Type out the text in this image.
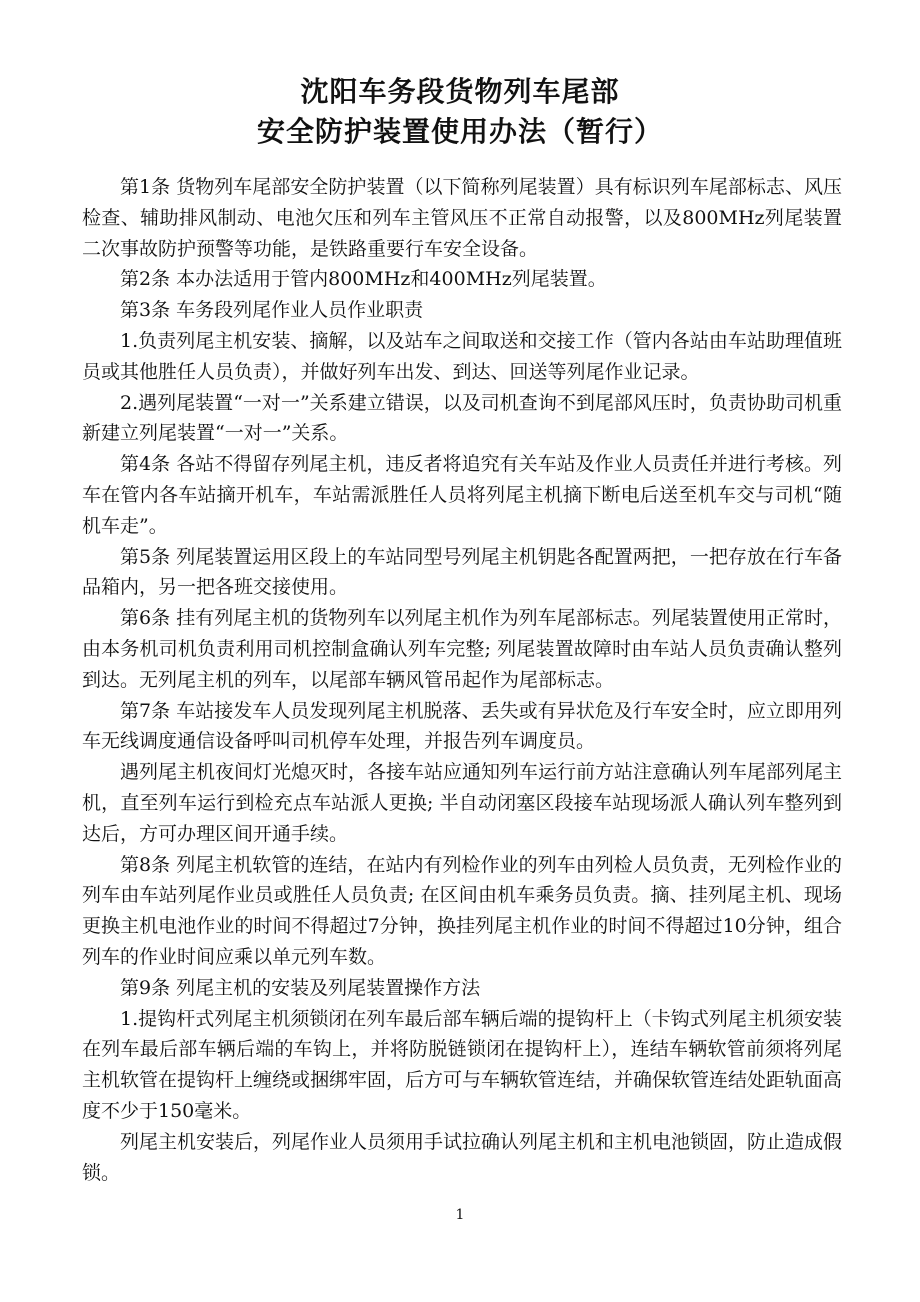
沈阳车务段货物列车尾部
安全防护装置使用办法（暂行）

第1条 货物列车尾部安全防护装置（以下简称列尾装置）具有标识列车尾部标志、风压检查、辅助排风制动、电池欠压和列车主管风压不正常自动报警，以及800MHz列尾装置二次事故防护预警等功能，是铁路重要行车安全设备。

第2条 本办法适用于管内800MHz和400MHz列尾装置。

第3条 车务段列尾作业人员作业职责

1.负责列尾主机安装、摘解，以及站车之间取送和交接工作（管内各站由车站助理值班员或其他胜任人员负责），并做好列车出发、到达、回送等列尾作业记录。

2.遇列尾装置“一对一”关系建立错误，以及司机查询不到尾部风压时，负责协助司机重新建立列尾装置“一对一”关系。

第4条 各站不得留存列尾主机，违反者将追究有关车站及作业人员责任并进行考核。列车在管内各车站摘开机车，车站需派胜任人员将列尾主机摘下断电后送至机车交与司机“随机车走”。

第5条 列尾装置运用区段上的车站同型号列尾主机钥匙各配置两把，一把存放在行车备品箱内，另一把各班交接使用。

第6条 挂有列尾主机的货物列车以列尾主机作为列车尾部标志。列尾装置使用正常时，由本务机司机负责利用司机控制盒确认列车完整; 列尾装置故障时由车站人员负责确认整列到达。无列尾主机的列车，以尾部车辆风管吊起作为尾部标志。

第7条 车站接发车人员发现列尾主机脱落、丢失或有异状危及行车安全时，应立即用列车无线调度通信设备呼叫司机停车处理，并报告列车调度员。

遇列尾主机夜间灯光熄灭时，各接车站应通知列车运行前方站注意确认列车尾部列尾主机，直至列车运行到检充点车站派人更换; 半自动闭塞区段接车站现场派人确认列车整列到达后，方可办理区间开通手续。

第8条 列尾主机软管的连结，在站内有列检作业的列车由列检人员负责，无列检作业的列车由车站列尾作业员或胜任人员负责; 在区间由机车乘务员负责。摘、挂列尾主机、现场更换主机电池作业的时间不得超过7分钟，换挂列尾主机作业的时间不得超过10分钟，组合列车的作业时间应乘以单元列车数。

第9条 列尾主机的安装及列尾装置操作方法

1.提钩杆式列尾主机须锁闭在列车最后部车辆后端的提钩杆上（卡钩式列尾主机须安装在列车最后部车辆后端的车钩上，并将防脱链锁闭在提钩杆上），连结车辆软管前须将列尾主机软管在提钩杆上缠绕或捆绑牢固，后方可与车辆软管连结，并确保软管连结处距轨面高度不少于150毫米。

列尾主机安装后，列尾作业人员须用手试拉确认列尾主机和主机电池锁固，防止造成假锁。

1
